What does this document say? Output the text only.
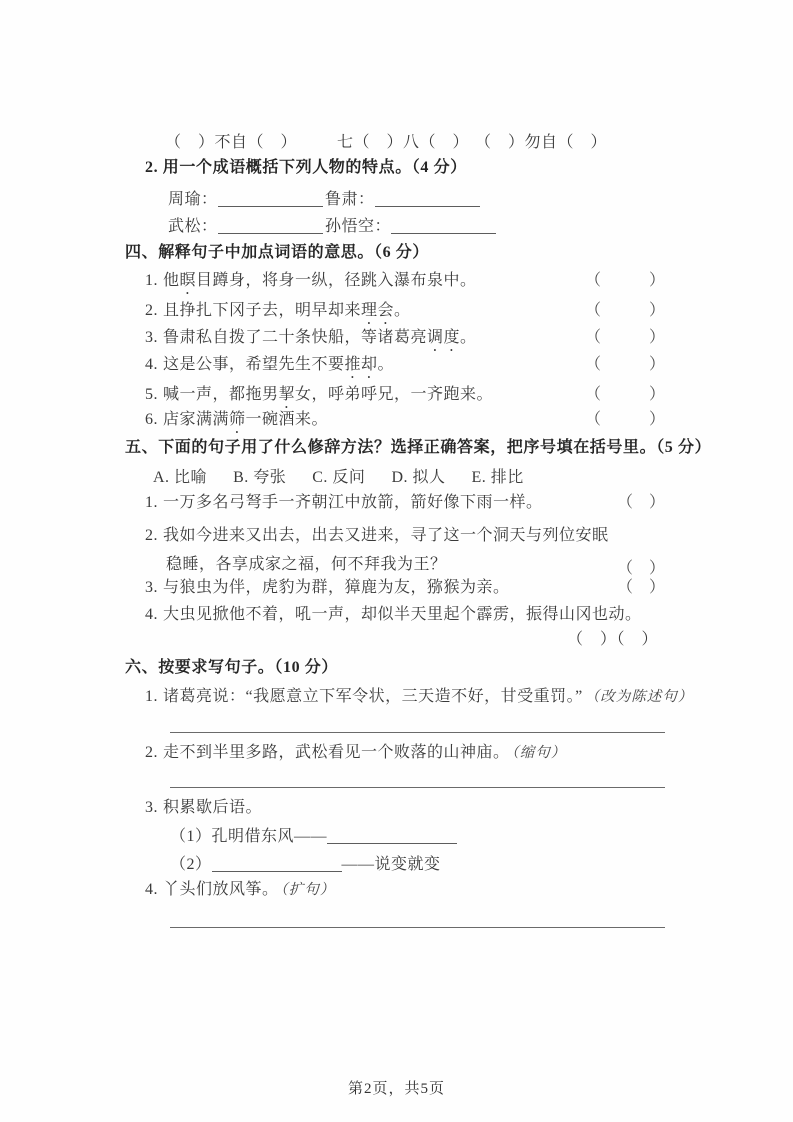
（　）不自（　） 七（　）八（　） （　）勿自（　）
2. 用一个成语概括下列人物的特点。（4 分）
周瑜：	鲁肃：
武松：	孙悟空：
四、解释句子中加点词语的意思。（6 分）
1. 他 瞑 目蹲身，将身一纵，径跳入瀑布泉中。	（　　　）
2. 且挣扎下冈子去，明早却来 理会 。	（　　　）
3. 鲁肃私自拨了二十条快船，等诸葛亮 调度 。	（　　　）
4. 这是公事，希望先生不要 推却 。	（　　　）
5. 喊一声，都拖男 挈 女，呼弟呼兄，一齐跑来。	（　　　）
6. 店家满满 筛 一碗酒来。	（　　　）
五、下面的句子用了什么修辞方法？选择正确答案，把序号填在括号里。（5 分）
A. 比喻 B. 夸张 C. 反问 D. 拟人 E. 排比
1. 一万多名弓弩手一齐朝江中放箭，箭好像下雨一样。	（　）
2. 我如今进来又出去，出去又进来，寻了这一个洞天与列位安眠稳睡，各享成家之福，何不拜我为王？	（　）
3. 与狼虫为伴，虎豹为群，獐鹿为友，猕猴为亲。	（　）
4. 大虫见掀他不着，吼一声，却似半天里起个霹雳，振得山冈也动。
（　）（　）
六、按要求写句子。（10 分）
1. 诸葛亮说：“我愿意立下军令状，三天造不好，甘受重罚。” （改为陈述句）
2. 走不到半里多路，武松看见一个败落的山神庙。 （缩句）
3. 积累歇后语。
（1）孔明借东风——
（2）	——说变就变
4. 丫头们放风筝。 （扩句）
第2页，共5页
